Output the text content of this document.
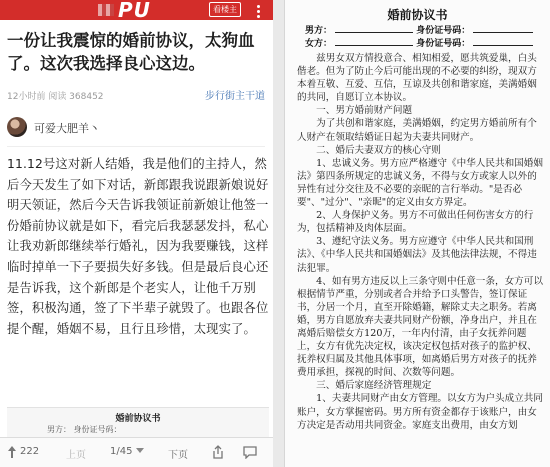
PU	看楼主
一份让我震惊的婚前协议，太狗血了。这次我选择良心这边。
12小时前 阅读 368452	步行街主干道
可爱大肥羊丶
11.12号这对新人结婚，我是他们的主持人，然后今天发生了如下对话，新郎跟我说跟新娘说好明天领证，然后今天告诉我领证前新娘让他签一份婚前协议就是如下，看完后我瑟瑟发抖，私心让我劝新郎继续举行婚礼，因为我要赚钱，这样临时掉单一下子要损失好多钱。但是最后良心还是告诉我，这个新郎是个老实人，让他千万别签，积极沟通，签了下半辈子就毁了。也跟各位提个醒，婚姻不易，且行且珍惜，太现实了。
婚前协议书
男方： 身份证号码：
222	上页 1/45	下页
婚前协议书
男方：	身份证号码：
女方：	身份证号码：

　　兹男女双方情投意合、相知相爱，愿共筑爱巢，白头偕老。但为了防止今后可能出现的不必要的纠纷，现双方本着互敬、互爱、互信，互谅及共创和谐家庭，美满婚姻的共同，自愿订立本协议。

　　一、男方婚前财产问题

　　为了共创和谐家庭，美满婚姻，约定男方婚前所有个人财产在领取结婚证日起为夫妻共同财产。

　　二、婚后夫妻双方的核心守则

　　1、忠诚义务。男方应严格遵守《中华人民共和国婚姻法》第四条所规定的忠诚义务，不得与女方或家人以外的异性有过分交往及不必要的亲昵的言行举动。"是否必要"、"过分"、"亲昵"的定义由女方界定。

　　2、人身保护义务。男方不可做出任何伤害女方的行为，包括精神及肉体层面。

　　3、遵纪守法义务。男方应遵守《中华人民共和国刑法》、《中华人民共和国婚姻法》及其他法律法规，不得违法犯罪。

　　4、如有男方违反以上三条守则中任意一条，女方可以根据情节严重，分别或者合并给予口头警告，签订保证书，分居一个月，直至开除婚籍，解除丈夫之职务。若离婚，男方自愿放弃夫妻共同财产份额，净身出户，并且在离婚后赔偿女方120万，一年内付清，由子女抚养问题上，女方有优先决定权，该决定权包括对孩子的监护权、抚养权归属及其他具体事项，如离婚后男方对孩子的抚养费用承担，探视的时间、次数等问题。

　　三、婚后家庭经济管理规定

　　1、夫妻共同财产由女方管理。以女方为户头成立共同账户，女方掌握密码。男方所有资金都存于该账户，由女方决定是否动用共同资金。家庭支出费用，由女方划
